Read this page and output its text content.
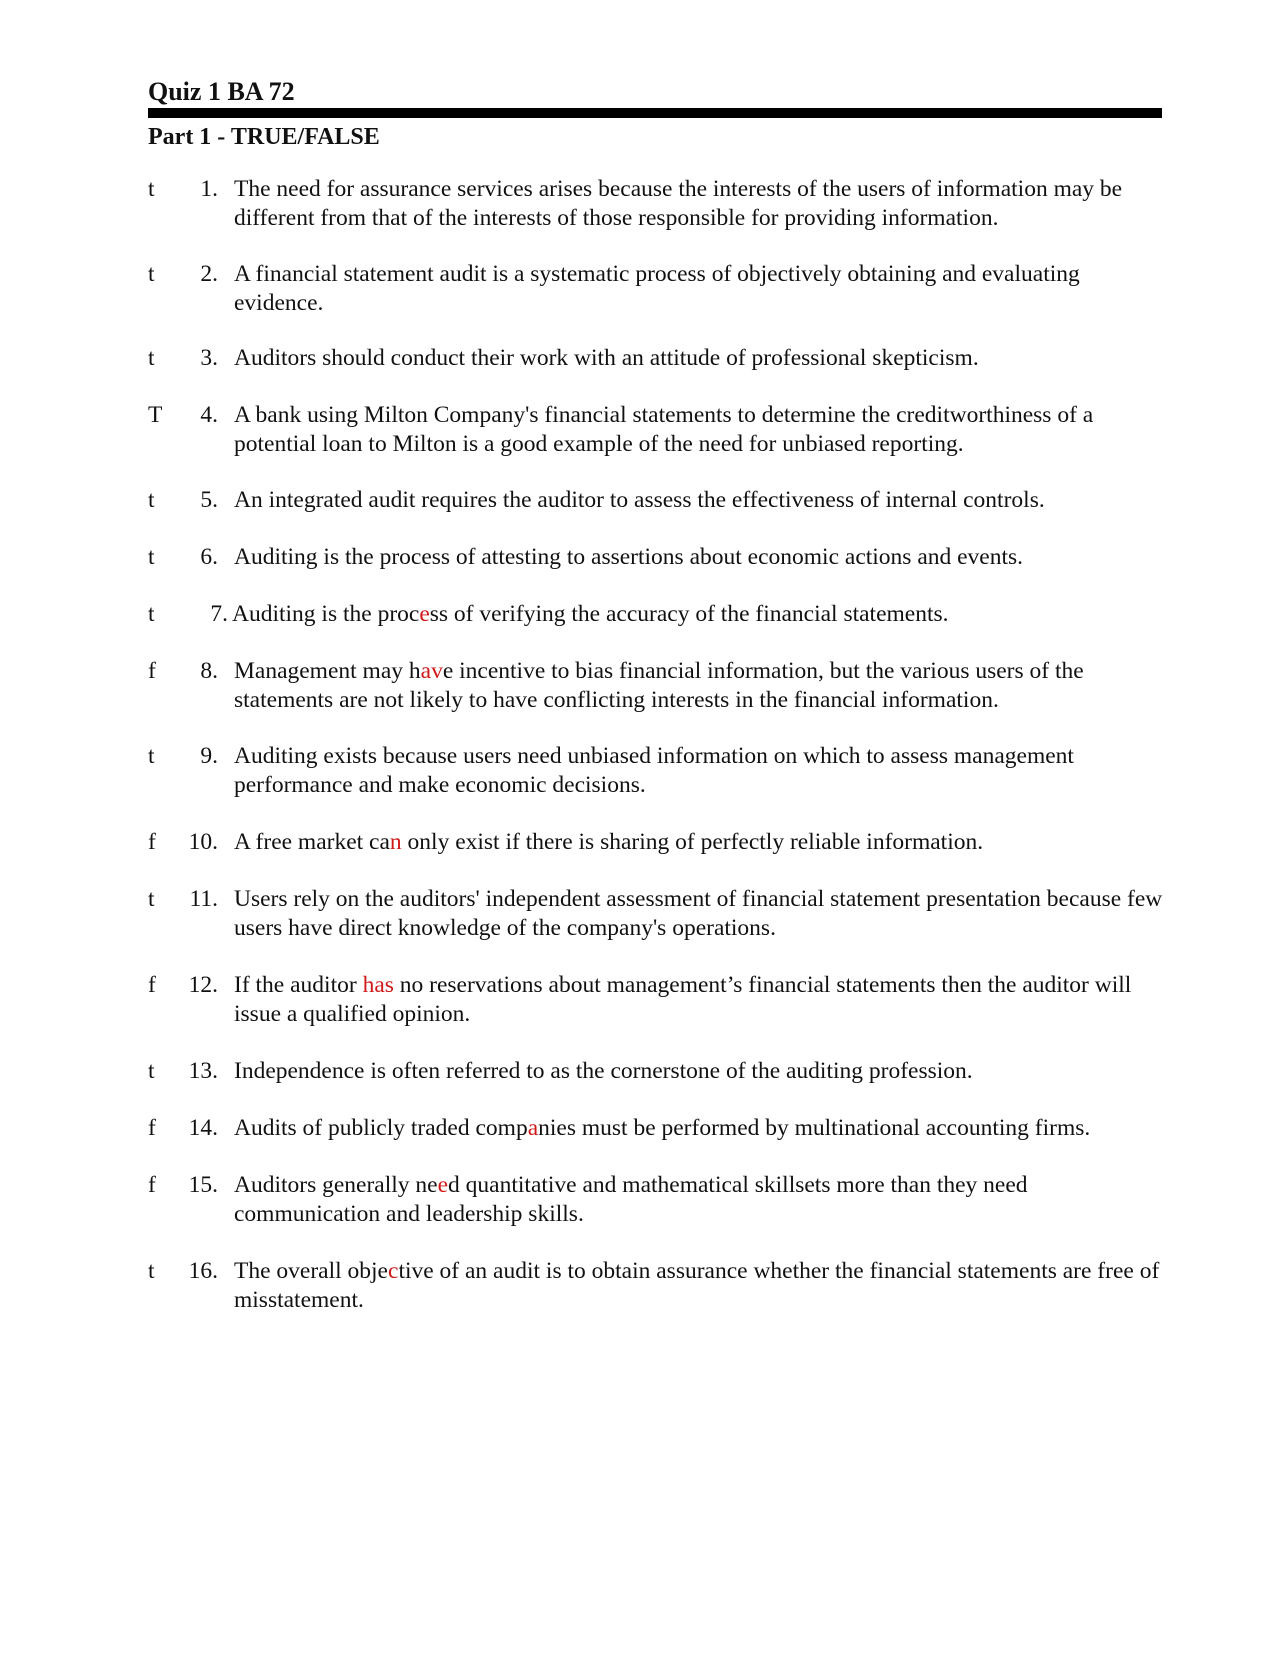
Quiz 1 BA 72
Part 1 - TRUE/FALSE
t	1. The need for assurance services arises because the interests of the users of information may be different from that of the interests of those responsible for providing information.
t	2. A financial statement audit is a systematic process of objectively obtaining and evaluating evidence.
t	3. Auditors should conduct their work with an attitude of professional skepticism.
T	4. A bank using Milton Company's financial statements to determine the creditworthiness of a potential loan to Milton is a good example of the need for unbiased reporting.
t	5. An integrated audit requires the auditor to assess the effectiveness of internal controls.
t	6. Auditing is the process of attesting to assertions about economic actions and events.
t	7. Auditing is the process of verifying the accuracy of the financial statements.
f	8. Management may have incentive to bias financial information, but the various users of the statements are not likely to have conflicting interests in the financial information.
t	9. Auditing exists because users need unbiased information on which to assess management performance and make economic decisions.
f	10. A free market can only exist if there is sharing of perfectly reliable information.
t	11. Users rely on the auditors' independent assessment of financial statement presentation because few users have direct knowledge of the company's operations.
f	12. If the auditor has no reservations about management’s financial statements then the auditor will issue a qualified opinion.
t	13. Independence is often referred to as the cornerstone of the auditing profession.
f	14. Audits of publicly traded companies must be performed by multinational accounting firms.
f	15. Auditors generally need quantitative and mathematical skillsets more than they need communication and leadership skills.
t	16. The overall objective of an audit is to obtain assurance whether the financial statements are free of misstatement.
